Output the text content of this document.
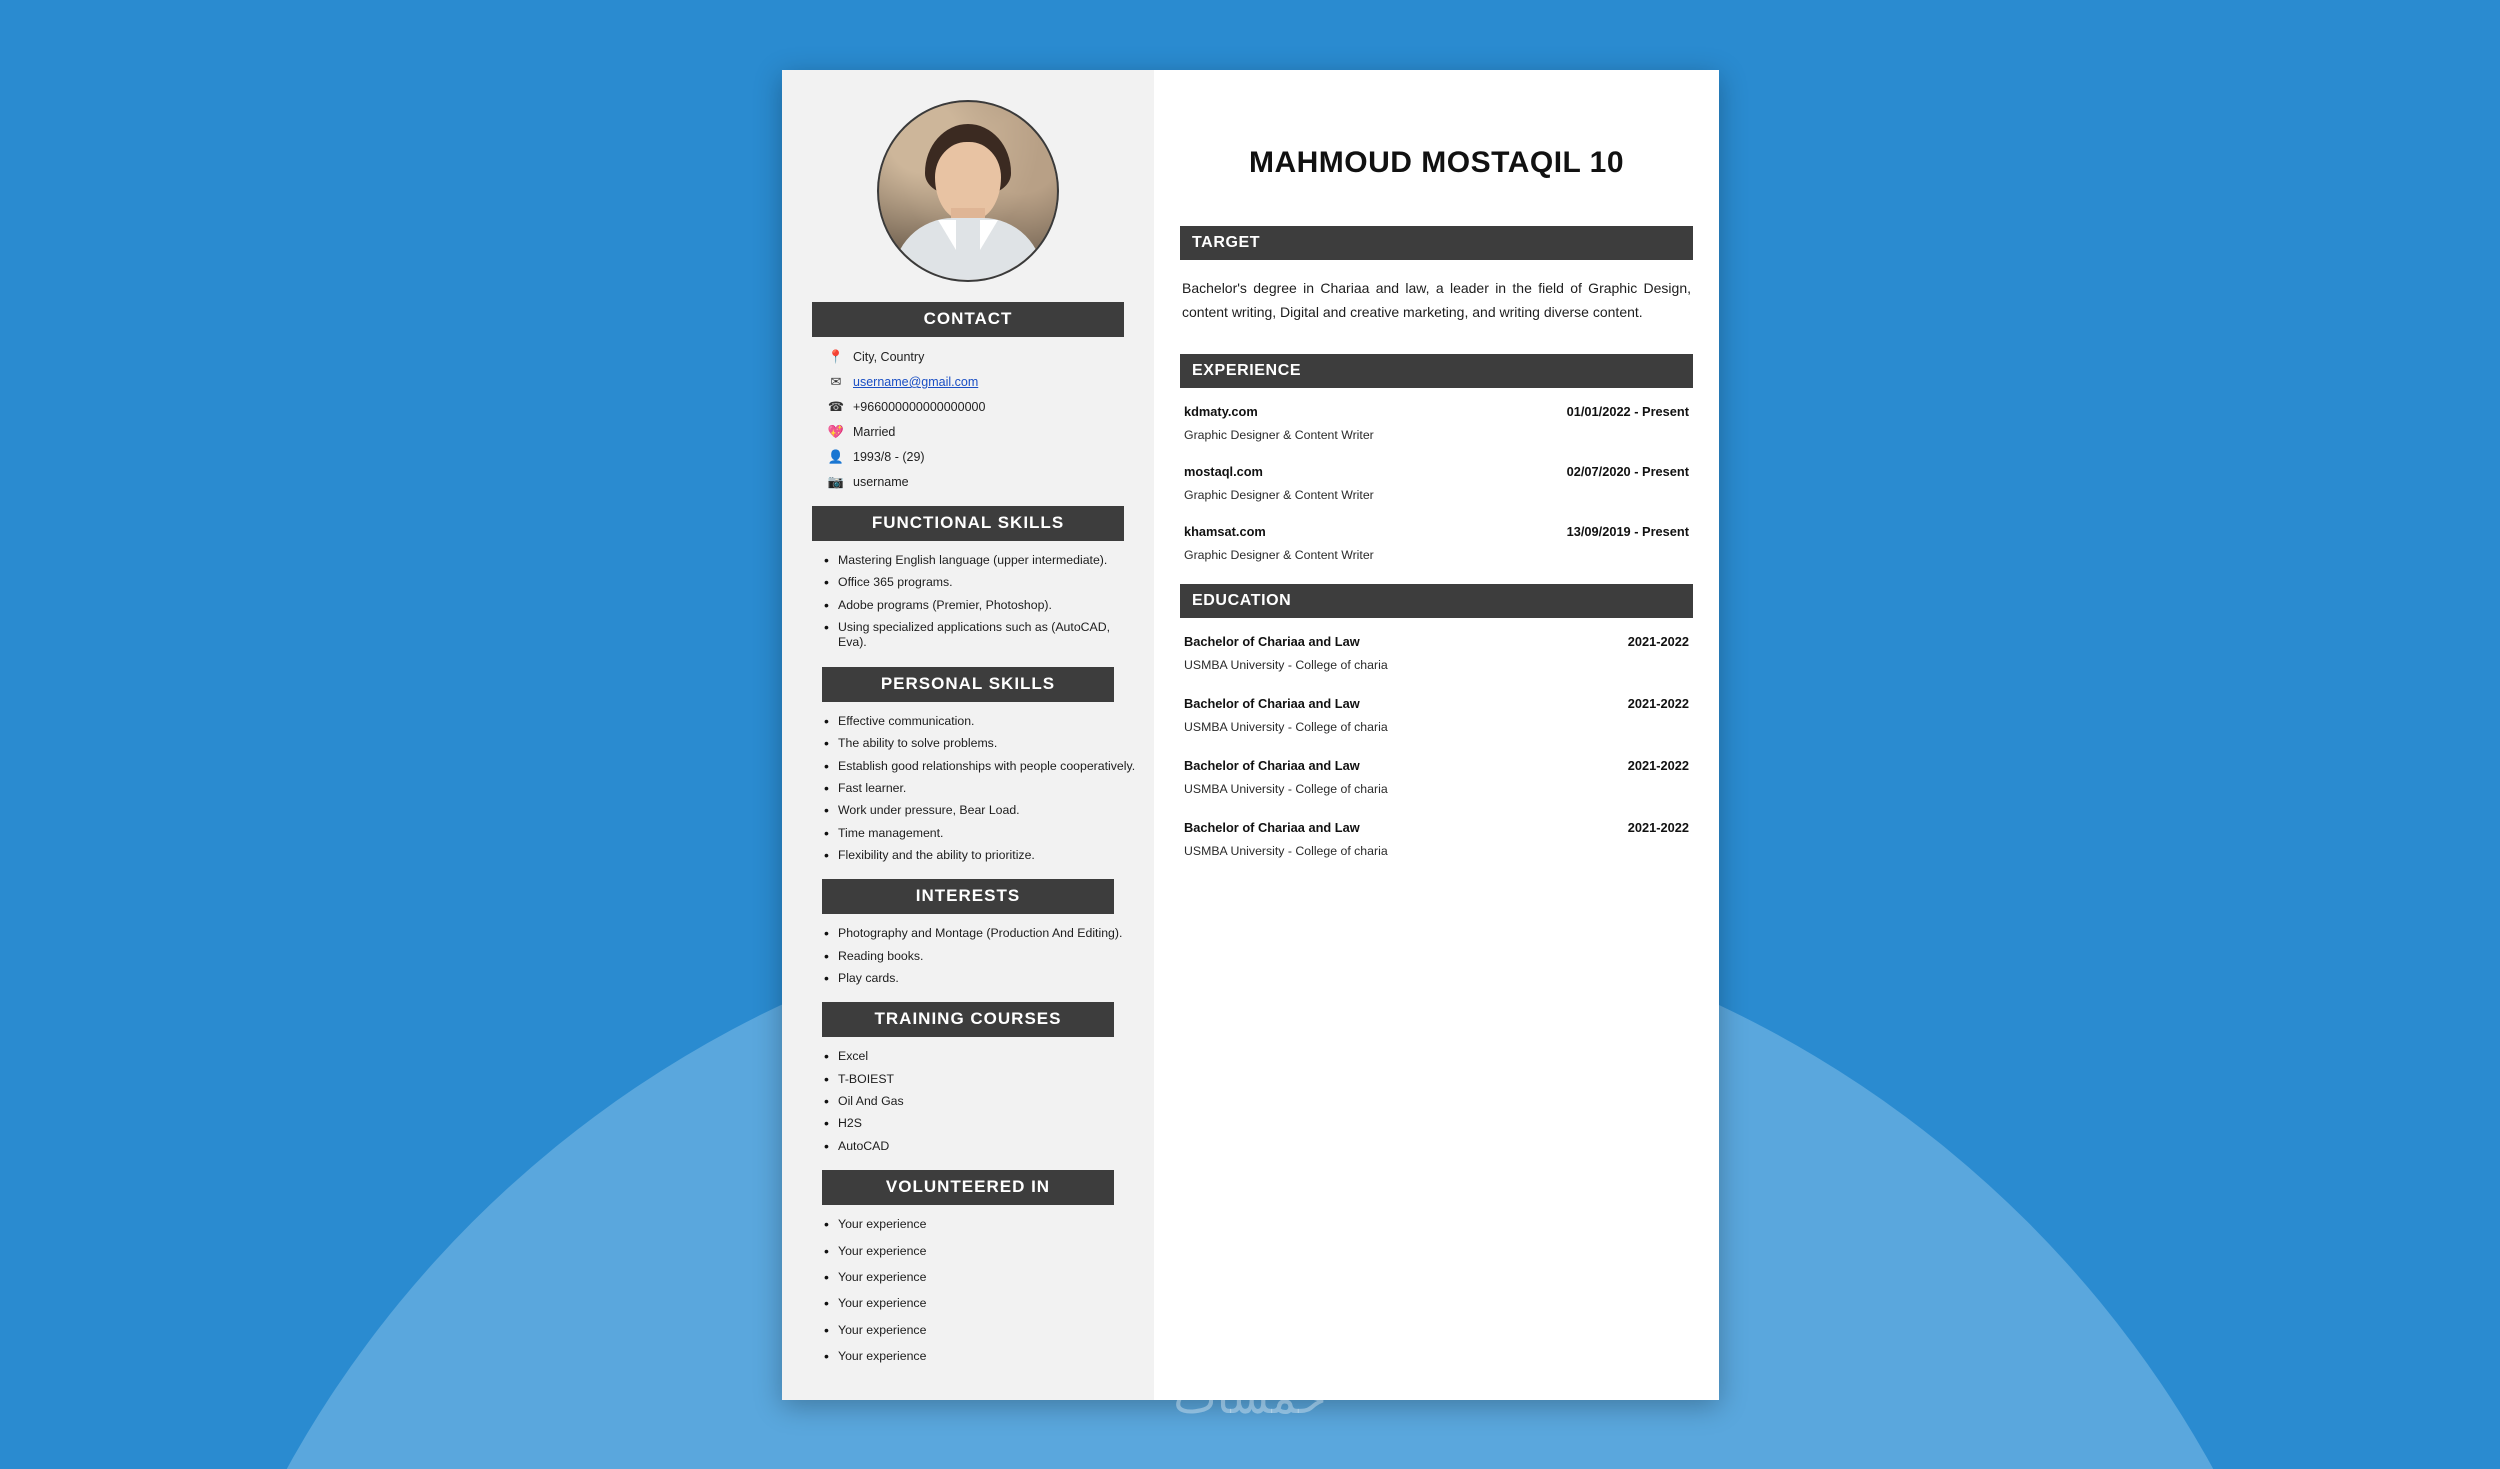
CONTACT
📍 City, Country
✉ username@gmail.com
☎ +966000000000000000
💖 Married
👤 1993/8 - (29)
📷 username
FUNCTIONAL SKILLS
• Mastering English language (upper intermediate).
• Office 365 programs.
• Adobe programs (Premier, Photoshop).
• Using specialized applications such as (AutoCAD, Eva).
PERSONAL SKILLS
• Effective communication.
• The ability to solve problems.
• Establish good relationships with people cooperatively.
• Fast learner.
• Work under pressure, Bear Load.
• Time management.
• Flexibility and the ability to prioritize.
INTERESTS
• Photography and Montage (Production And Editing).
• Reading books.
• Play cards.
TRAINING COURSES
• Excel
• T-BOIEST
• Oil And Gas
• H2S
• AutoCAD
VOLUNTEERED IN
• Your experience
• Your experience
• Your experience
• Your experience
• Your experience
• Your experience
MAHMOUD MOSTAQIL 10
TARGET

Bachelor's degree in Chariaa and law, a leader in the field of Graphic Design, content writing, Digital and creative marketing, and writing diverse content.

EXPERIENCE
kdmaty.com	01/01/2022 - Present
Graphic Designer & Content Writer
mostaql.com	02/07/2020 - Present
Graphic Designer & Content Writer
khamsat.com	13/09/2019 - Present
Graphic Designer & Content Writer
EDUCATION
Bachelor of Chariaa and Law	2021-2022
USMBA University - College of charia
Bachelor of Chariaa and Law	2021-2022
USMBA University - College of charia
Bachelor of Chariaa and Law	2021-2022
USMBA University - College of charia
Bachelor of Chariaa and Law	2021-2022
USMBA University - College of charia
خمسات
